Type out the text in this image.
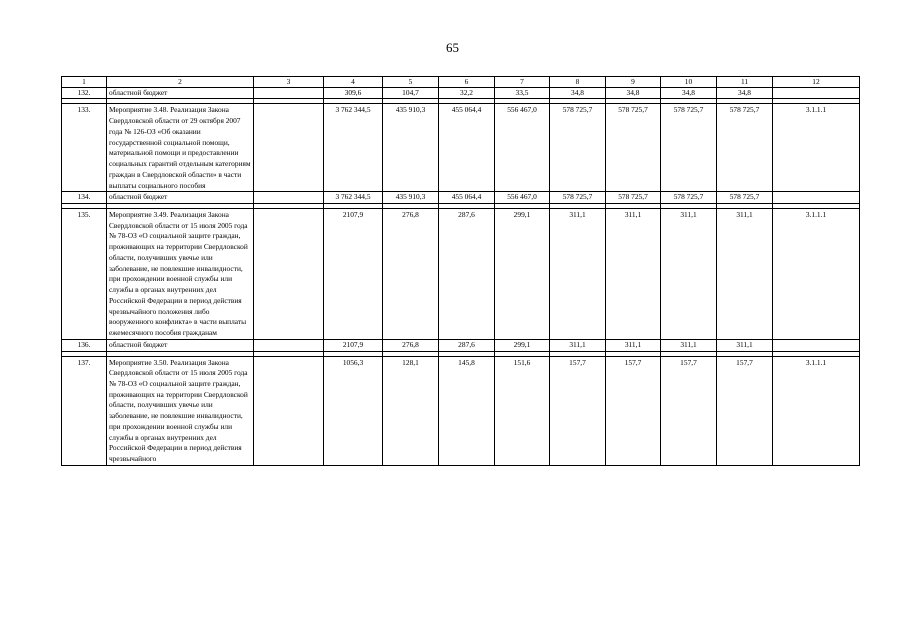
65
1	2	3	4	5	6	7	8	9	10	11	12
132.	областной бюджет		309,6	104,7	32,2	33,5	34,8	34,8	34,8	34,8	

133.	Мероприятие 3.48. Реализация Закона Свердловской области от 29 октября 2007 года № 126-ОЗ «Об оказании государственной социальной помощи, материальной помощи и предоставлении социальных гарантий отдельным категориям граждан в Свердловской области» в части выплаты социального пособия		3 762 344,5	435 910,3	455 064,4	556 467,0	578 725,7	578 725,7	578 725,7	578 725,7	3.1.1.1
134.	областной бюджет		3 762 344,5	435 910,3	455 064,4	556 467,0	578 725,7	578 725,7	578 725,7	578 725,7	

135.	Мероприятие 3.49. Реализация Закона Свердловской области от 15 июля 2005 года № 78-ОЗ «О социальной защите граждан, проживающих на территории Свердловской области, получивших увечье или заболевание, не повлекшие инвалидности, при прохождении военной службы или службы в органах внутренних дел Российской Федерации в период действия чрезвычайного положения либо вооруженного конфликта» в части выплаты ежемесячного пособия гражданам		2107,9	276,8	287,6	299,1	311,1	311,1	311,1	311,1	3.1.1.1
136.	областной бюджет		2107,9	276,8	287,6	299,1	311,1	311,1	311,1	311,1	

137.	Мероприятие 3.50. Реализация Закона Свердловской области от 15 июля 2005 года № 78-ОЗ «О социальной защите граждан, проживающих на территории Свердловской области, получивших увечье или заболевание, не повлекшие инвалидности, при прохождении военной службы или службы в органах внутренних дел Российской Федерации в период действия чрезвычайного		1056,3	128,1	145,8	151,6	157,7	157,7	157,7	157,7	3.1.1.1
